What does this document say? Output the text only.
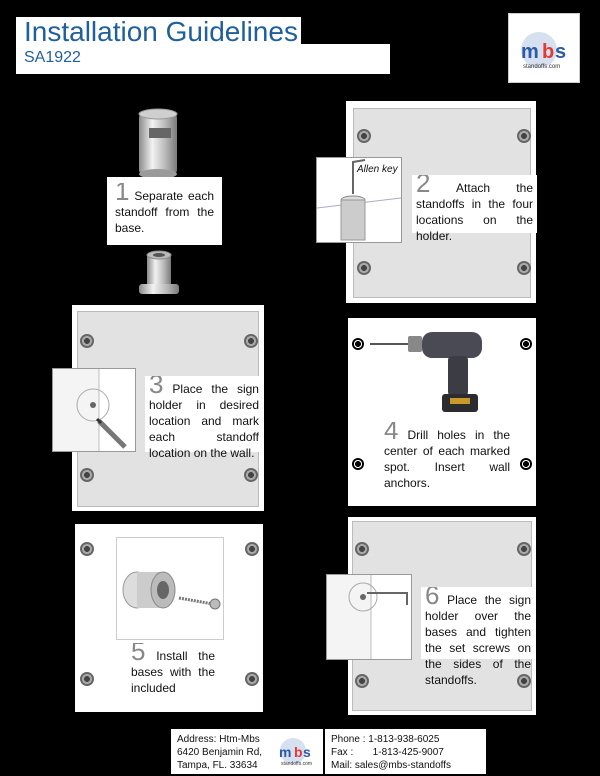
Installation Guidelines
SA1922	m b s
standoffs.com
1 Separate each standoff from the base.
Allen key 2 Attach the standoffs in the four locations on the holder.
3 Place the sign holder in desired location and mark each standoff location on the wall.
4 Drill holes in the center of each marked spot. Insert wall anchors.
5 Install the bases with the included
6 Place the sign holder over the bases and tighten the set screws on the sides of the standoffs.
Address: Htm-Mbs
6420 Benjamin Rd,
Tampa, FL. 33634
m b s
standoffs.com
Phone : 1-813-938-6025
Fax :       1-813-425-9007
Mail: sales@mbs-standoffs
